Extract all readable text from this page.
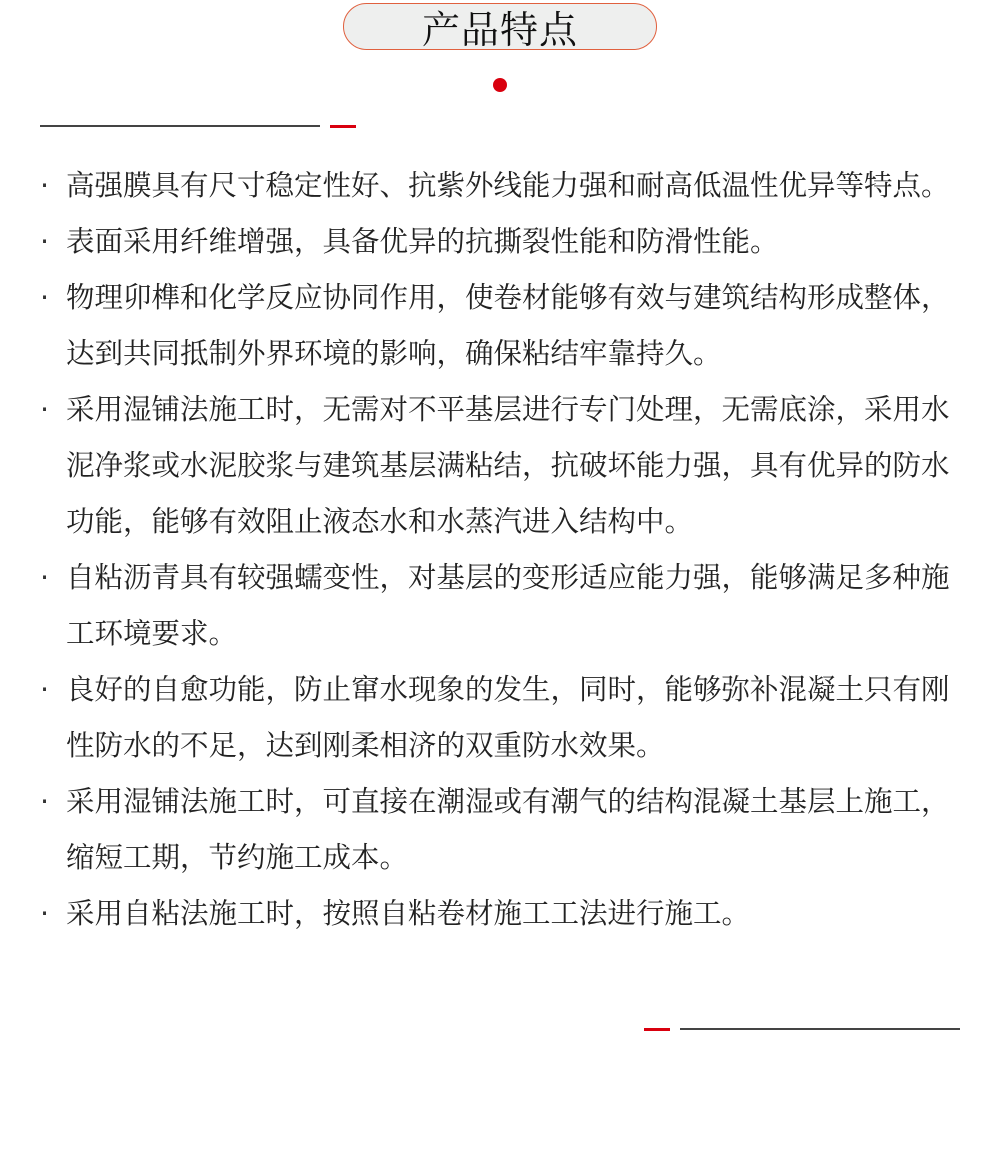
产品特点
· 高强膜具有尺寸稳定性好、抗紫外线能力强和耐高低温性优异等特点。
· 表面采用纤维增强，具备优异的抗撕裂性能和防滑性能。
· 物理卯榫和化学反应协同作用，使卷材能够有效与建筑结构形成整体，达到共同抵制外界环境的影响，确保粘结牢靠持久。
· 采用湿铺法施工时，无需对不平基层进行专门处理，无需底涂，采用水泥净浆或水泥胶浆与建筑基层满粘结，抗破坏能力强，具有优异的防水功能，能够有效阻止液态水和水蒸汽进入结构中。
· 自粘沥青具有较强蠕变性，对基层的变形适应能力强，能够满足多种施工环境要求。
· 良好的自愈功能，防止窜水现象的发生，同时，能够弥补混凝土只有刚性防水的不足，达到刚柔相济的双重防水效果。
· 采用湿铺法施工时，可直接在潮湿或有潮气的结构混凝土基层上施工，缩短工期，节约施工成本。
· 采用自粘法施工时，按照自粘卷材施工工法进行施工。
